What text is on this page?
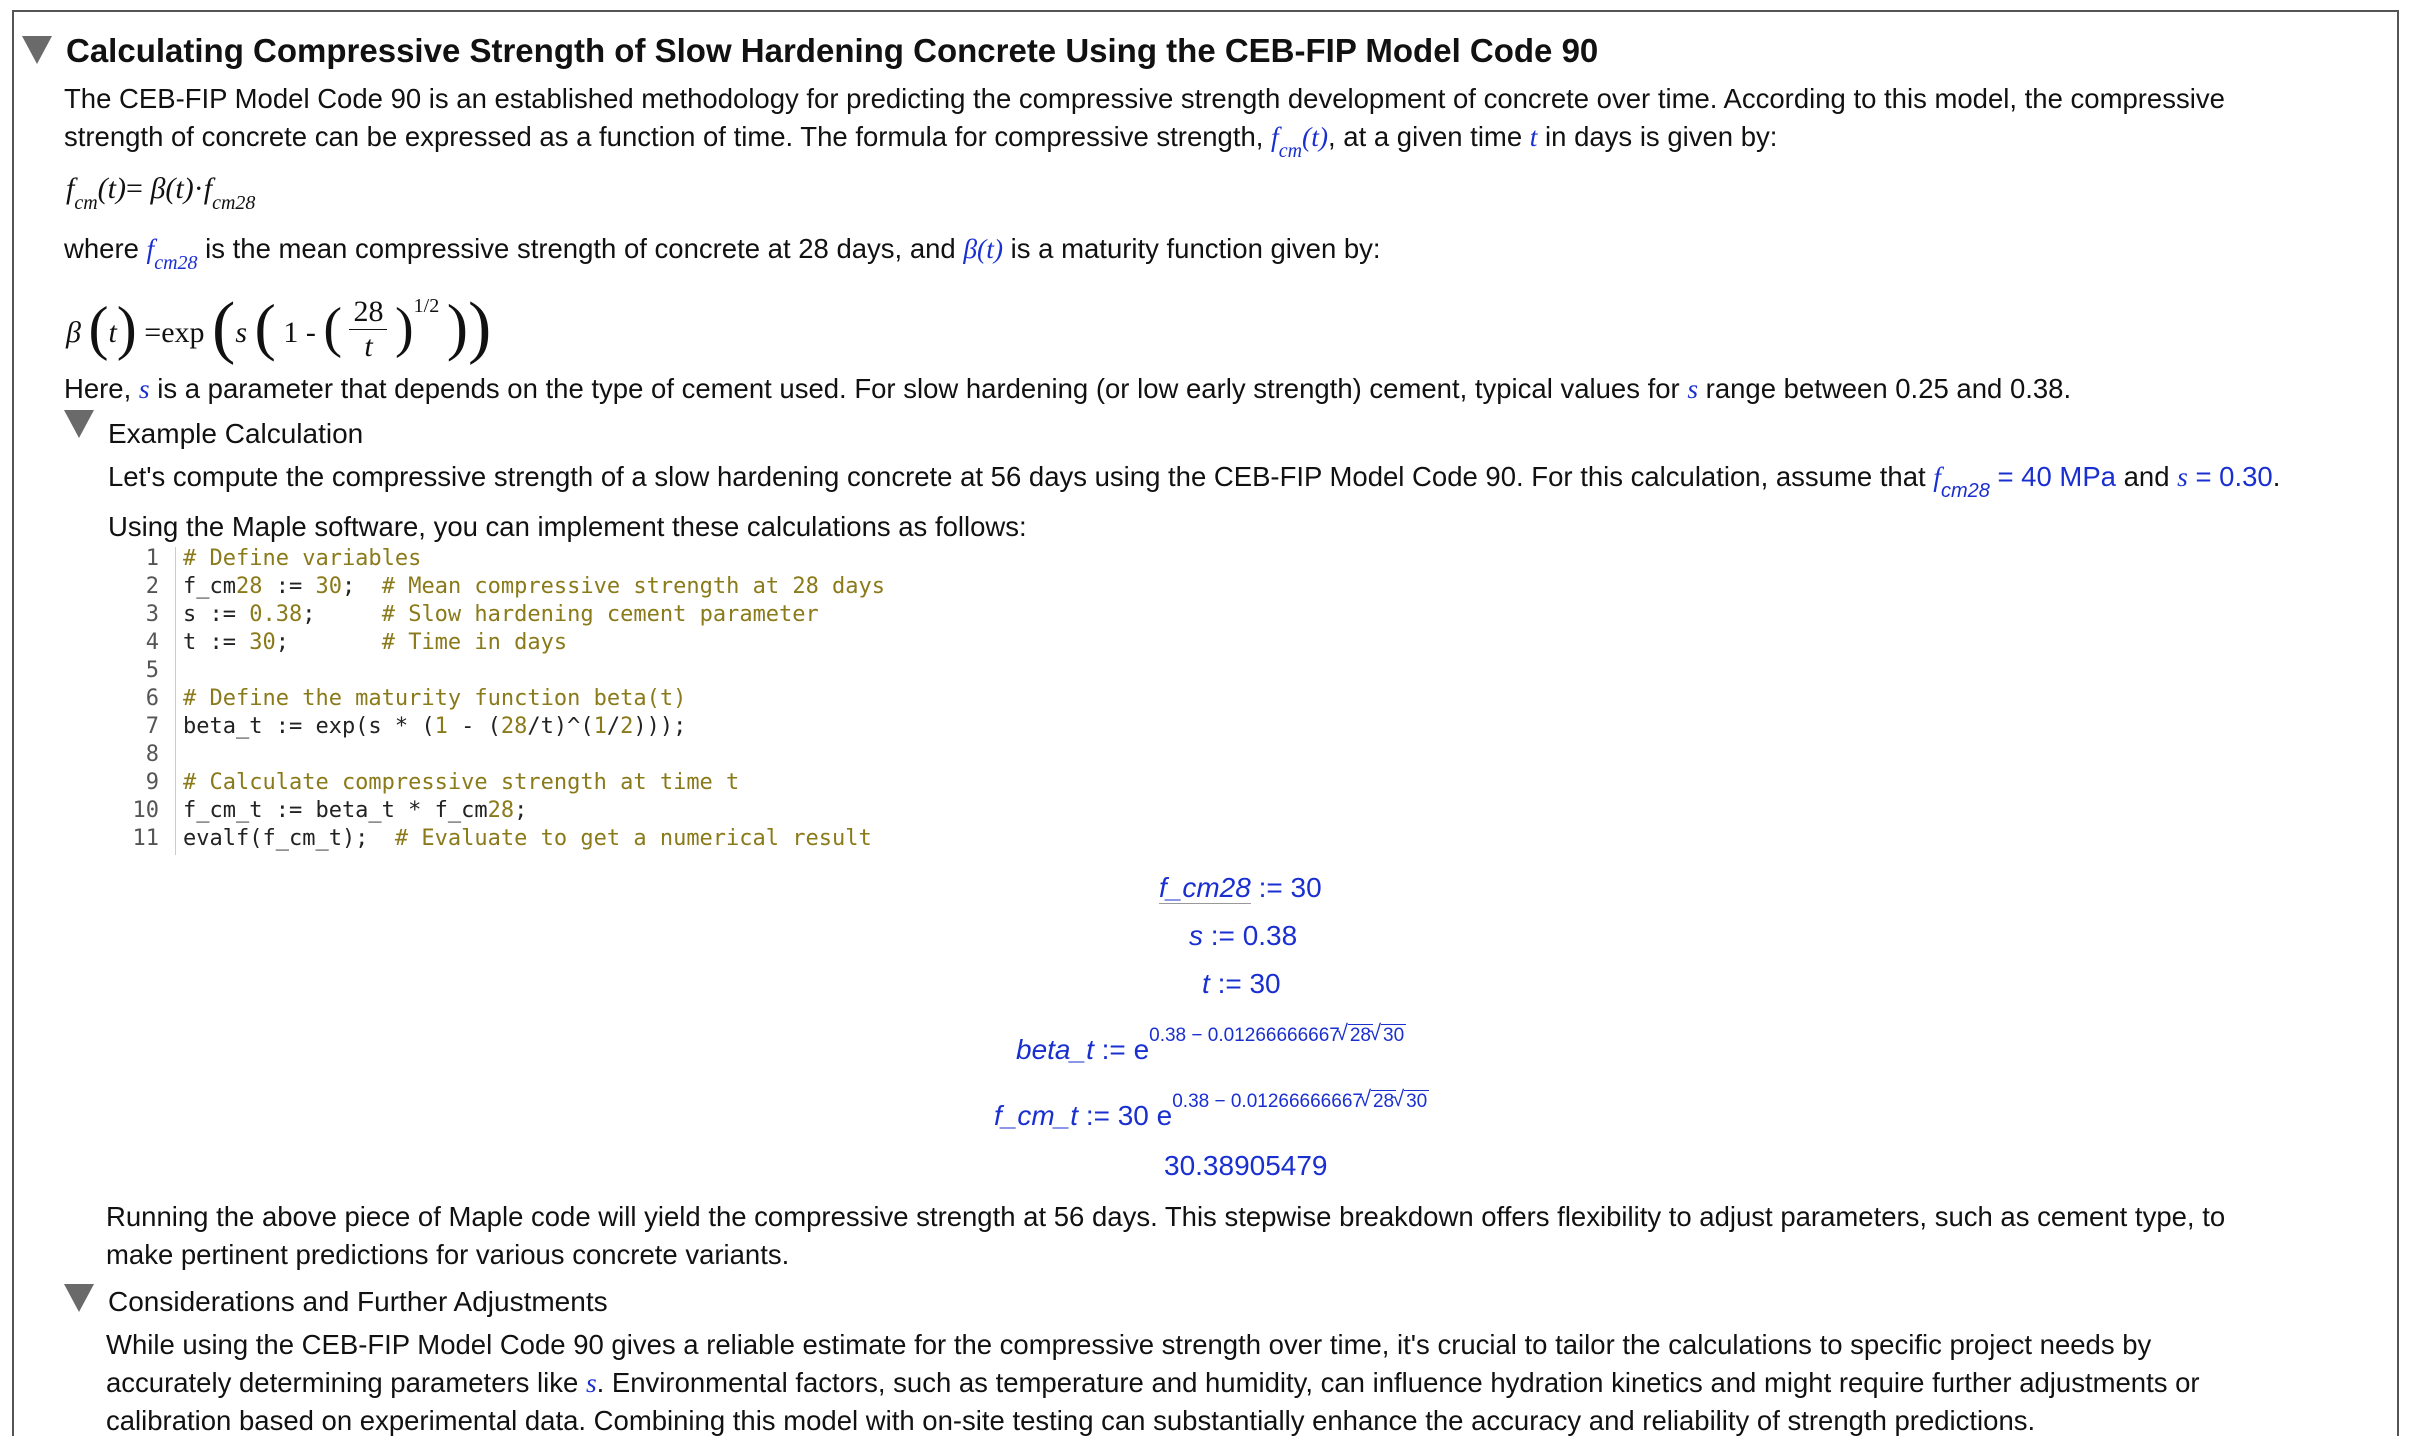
Calculating Compressive Strength of Slow Hardening Concrete Using the CEB-FIP Model Code 90
The CEB-FIP Model Code 90 is an established methodology for predicting the compressive strength development of concrete over time. According to this model, the compressive
strength of concrete can be expressed as a function of time. The formula for compressive strength, $f_{cm}(t)$, at a given time t in days is given by:
$f_{cm}(t)= \beta(t)\cdot f_{cm28}$
where $f_{cm28}$ is the mean compressive strength of concrete at 28 days, and β(t) is a maturity function given by:
β (t) =exp (s ( 1 - ( $\frac{28}{t} )^{1/2}$ ))
Here, s is a parameter that depends on the type of cement used. For slow hardening (or low early strength) cement, typical values for s range between 0.25 and 0.38.
Example Calculation
Let's compute the compressive strength of a slow hardening concrete at 56 days using the CEB-FIP Model Code 90. For this calculation, assume that $f_{cm28} = 40$ MPa and s = 0.30.
Using the Maple software, you can implement these calculations as follows:
1 # Define variables
2 f_cm28 := 30;  # Mean compressive strength at 28 days
3 s := 0.38;     # Slow hardening cement parameter
4 t := 30;       # Time in days
5
6 # Define the maturity function beta(t)
7 beta_t := exp(s * (1 - (28/t)^(1/2)));
8
9 # Calculate compressive strength at time t
10 f_cm_t := beta_t * f_cm28;
11 evalf(f_cm_t);  # Evaluate to get a numerical result
f_cm28 := 30
s := 0.38
t := 30
beta_t := $e^{0.38 - 0.01266666667 √ 28 √ 30}$
f_cm_t := 30 $e^{0.38 - 0.01266666667 √ 28 √ 30}$
30.38905479
Running the above piece of Maple code will yield the compressive strength at 56 days. This stepwise breakdown offers flexibility to adjust parameters, such as cement type, to
make pertinent predictions for various concrete variants.
Considerations and Further Adjustments
While using the CEB-FIP Model Code 90 gives a reliable estimate for the compressive strength over time, it's crucial to tailor the calculations to specific project needs by
accurately determining parameters like s. Environmental factors, such as temperature and humidity, can influence hydration kinetics and might require further adjustments or
calibration based on experimental data. Combining this model with on-site testing can substantially enhance the accuracy and reliability of strength predictions.
